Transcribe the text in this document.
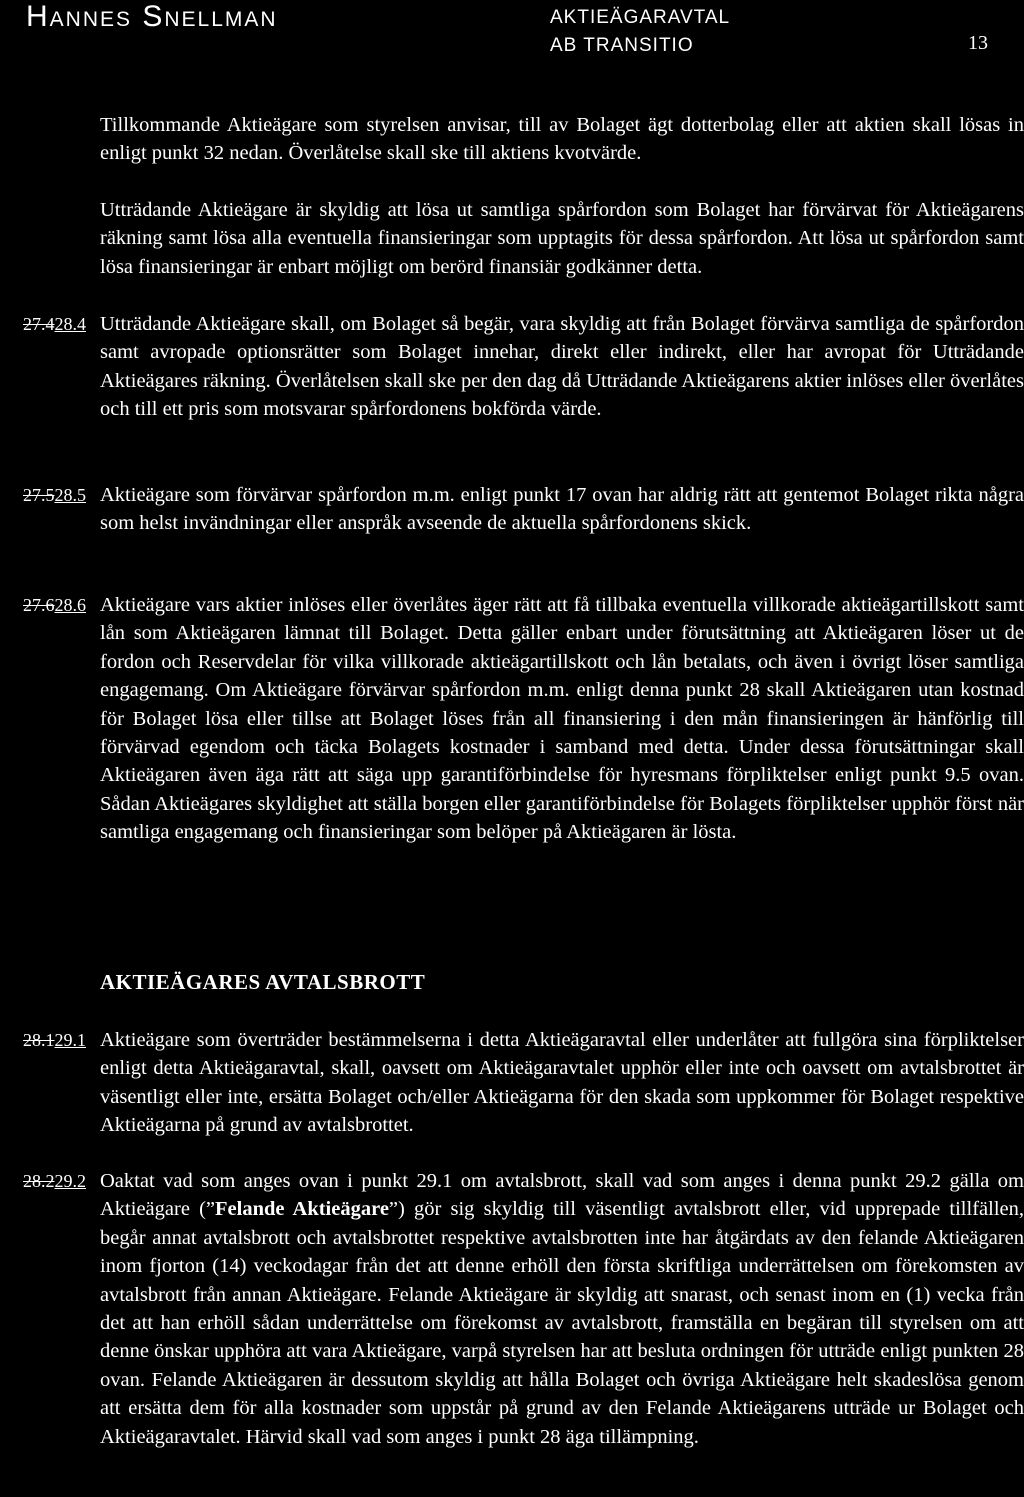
Hannes Snellman	AKTIEÄGARAVTAL
AB TRANSITIO	13

Tillkommande Aktieägare som styrelsen anvisar, till av Bolaget ägt dotterbolag eller att aktien skall lösas in enligt punkt 32 nedan. Överlåtelse skall ske till aktiens kvotvärde.

Utträdande Aktieägare är skyldig att lösa ut samtliga spårfordon som Bolaget har förvärvat för Aktieägarens räkning samt lösa alla eventuella finansieringar som upptagits för dessa spårfordon. Att lösa ut spårfordon samt lösa finansieringar är enbart möjligt om berörd finansiär godkänner detta.

27.428.4 Utträdande Aktieägare skall, om Bolaget så begär, vara skyldig att från Bolaget förvärva samtliga de spårfordon samt avropade optionsrätter som Bolaget innehar, direkt eller indirekt, eller har avropat för Utträdande Aktieägares räkning. Överlåtelsen skall ske per den dag då Utträdande Aktieägarens aktier inlöses eller överlåtes och till ett pris som motsvarar spårfordonens bokförda värde.

27.528.5 Aktieägare som förvärvar spårfordon m.m. enligt punkt 17 ovan har aldrig rätt att gentemot Bolaget rikta några som helst invändningar eller anspråk avseende de aktuella spårfordonens skick.

27.628.6 Aktieägare vars aktier inlöses eller överlåtes äger rätt att få tillbaka eventuella villkorade aktieägartillskott samt lån som Aktieägaren lämnat till Bolaget. Detta gäller enbart under förutsättning att Aktieägaren löser ut de fordon och Reservdelar för vilka villkorade aktieägartillskott och lån betalats, och även i övrigt löser samtliga engagemang. Om Aktieägare förvärvar spårfordon m.m. enligt denna punkt 28 skall Aktieägaren utan kostnad för Bolaget lösa eller tillse att Bolaget löses från all finansiering i den mån finansieringen är hänförlig till förvärvad egendom och täcka Bolagets kostnader i samband med detta. Under dessa förutsättningar skall Aktieägaren även äga rätt att säga upp garantiförbindelse för hyresmans förpliktelser enligt punkt 9.5 ovan. Sådan Aktieägares skyldighet att ställa borgen eller garantiförbindelse för Bolagets förpliktelser upphör först när samtliga engagemang och finansieringar som belöper på Aktieägaren är lösta.

AKTIEÄGARES AVTALSBROTT
28.129.1 Aktieägare som överträder bestämmelserna i detta Aktieägaravtal eller underlåter att fullgöra sina förpliktelser enligt detta Aktieägaravtal, skall, oavsett om Aktieägaravtalet upphör eller inte och oavsett om avtalsbrottet är väsentligt eller inte, ersätta Bolaget och/eller Aktieägarna för den skada som uppkommer för Bolaget respektive Aktieägarna på grund av avtalsbrottet.

28.229.2 Oaktat vad som anges ovan i punkt 29.1 om avtalsbrott, skall vad som anges i denna punkt 29.2 gälla om Aktieägare (”Felande Aktieägare”) gör sig skyldig till väsentligt avtalsbrott eller, vid upprepade tillfällen, begår annat avtalsbrott och avtalsbrottet respektive avtalsbrotten inte har åtgärdats av den felande Aktieägaren inom fjorton (14) veckodagar från det att denne erhöll den första skriftliga underrättelsen om förekomsten av avtalsbrott från annan Aktieägare. Felande Aktieägare är skyldig att snarast, och senast inom en (1) vecka från det att han erhöll sådan underrättelse om förekomst av avtalsbrott, framställa en begäran till styrelsen om att denne önskar upphöra att vara Aktieägare, varpå styrelsen har att besluta ordningen för utträde enligt punkten 28 ovan. Felande Aktieägaren är dessutom skyldig att hålla Bolaget och övriga Aktieägare helt skadeslösa genom att ersätta dem för alla kostnader som uppstår på grund av den Felande Aktieägarens utträde ur Bolaget och Aktieägaravtalet. Härvid skall vad som anges i punkt 28 äga tillämpning.
